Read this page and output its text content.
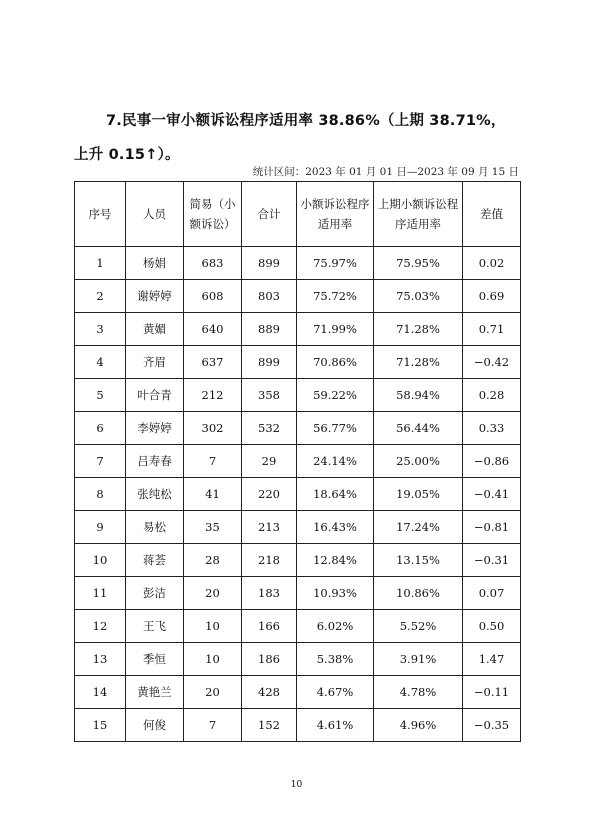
7.民事一审小额诉讼程序适用率 38.86%（上期 38.71%，上升 0.15↑）。
统计区间：2023 年 01 月 01 日—2023 年 09 月 15 日
序号	人员	简易（小额诉讼）	合计	小额诉讼程序适用率	上期小额诉讼程序适用率	差值
1	杨娟	683	899	75.97%	75.95%	0.02
2	谢婷婷	608	803	75.72%	75.03%	0.69
3	黄媚	640	889	71.99%	71.28%	0.71
4	齐眉	637	899	70.86%	71.28%	−0.42
5	叶合青	212	358	59.22%	58.94%	0.28
6	李婷婷	302	532	56.77%	56.44%	0.33
7	吕寿春	7	29	24.14%	25.00%	−0.86
8	张纯松	41	220	18.64%	19.05%	−0.41
9	易松	35	213	16.43%	17.24%	−0.81
10	蒋荟	28	218	12.84%	13.15%	−0.31
11	彭洁	20	183	10.93%	10.86%	0.07
12	王飞	10	166	6.02%	5.52%	0.50
13	季恒	10	186	5.38%	3.91%	1.47
14	黄艳兰	20	428	4.67%	4.78%	−0.11
15	何俊	7	152	4.61%	4.96%	−0.35
10
